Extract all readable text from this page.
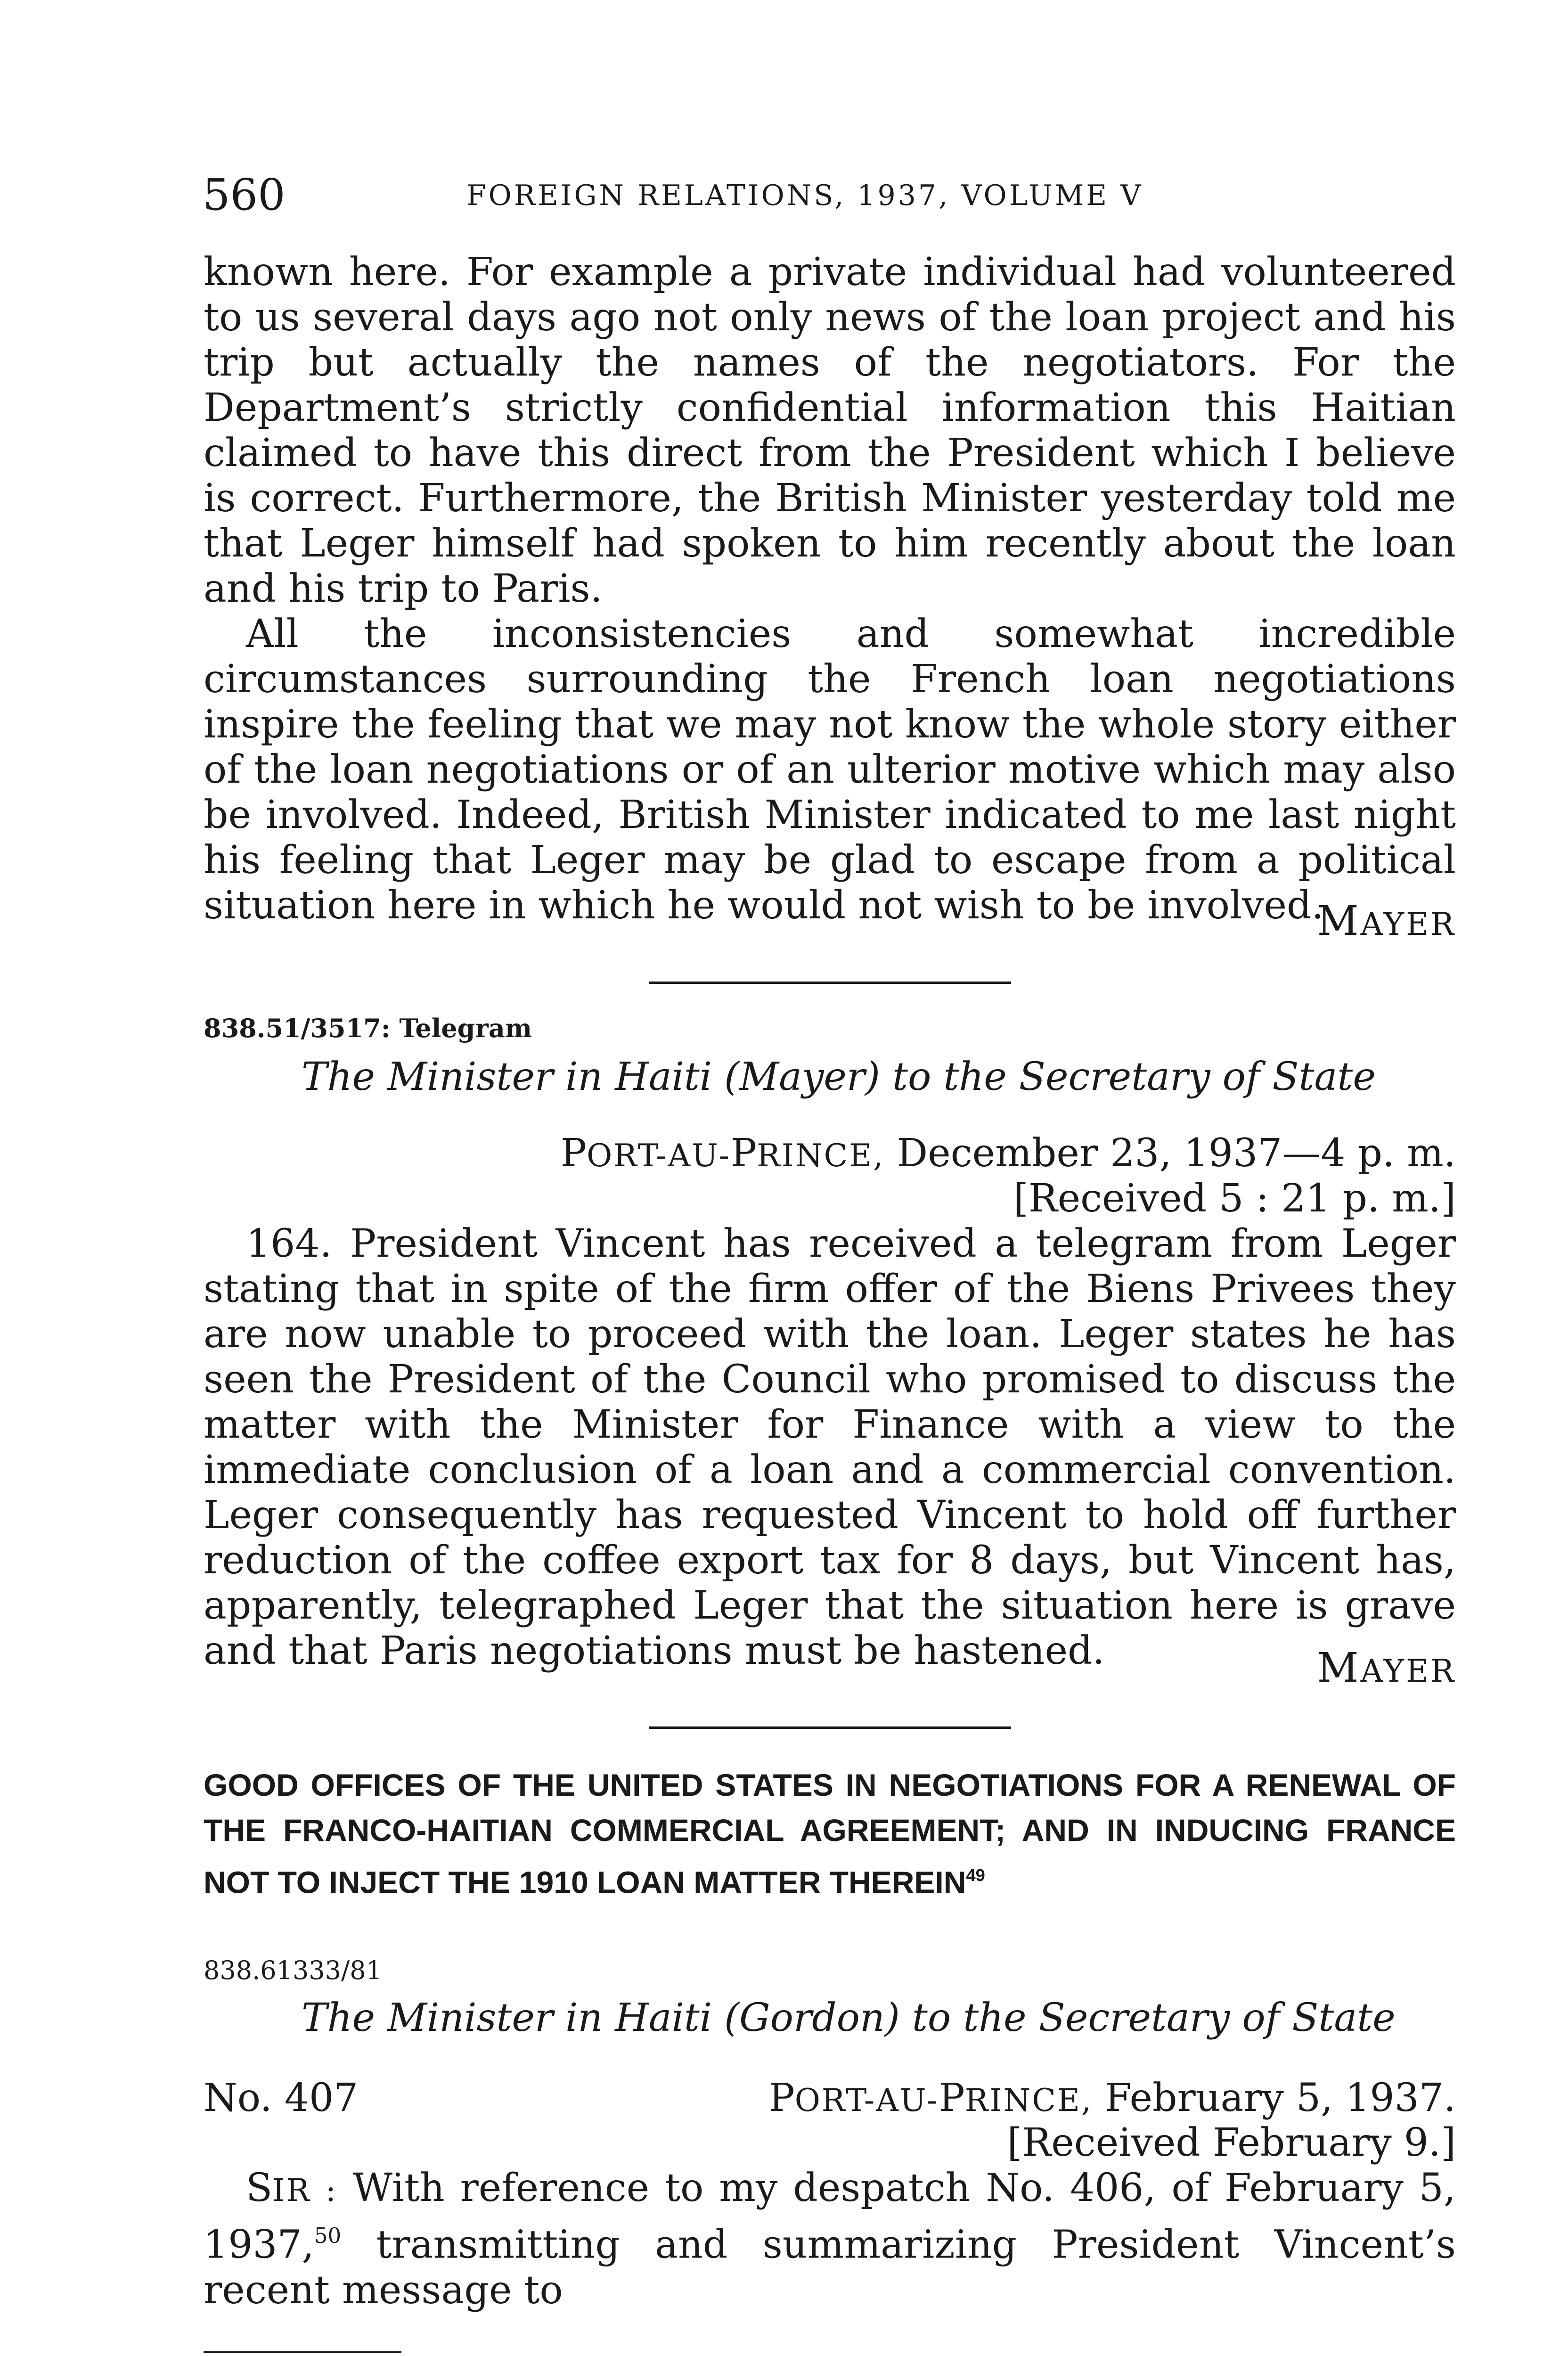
560	FOREIGN RELATIONS, 1937, VOLUME V

known here. For example a private individual had volunteered to us several days ago not only news of the loan project and his trip but actually the names of the negotiators. For the Department’s strictly confidential information this Haitian claimed to have this direct from the President which I believe is correct. Furthermore, the British Minister yesterday told me that Leger himself had spoken to him recently about the loan and his trip to Paris.

All the inconsistencies and somewhat incredible circumstances surrounding the French loan negotiations inspire the feeling that we may not know the whole story either of the loan negotiations or of an ulterior motive which may also be involved. Indeed, British Minister indicated to me last night his feeling that Leger may be glad to escape from a political situation here in which he would not wish to be involved.

MAYER
838.51/3517: Telegram
The Minister in Haiti (Mayer) to the Secretary of State
PORT-AU-PRINCE, December 23, 1937—4 p. m.
[Received 5 : 21 p. m.]

164. President Vincent has received a telegram from Leger stating that in spite of the firm offer of the Biens Privees they are now unable to proceed with the loan. Leger states he has seen the President of the Council who promised to discuss the matter with the Minister for Finance with a view to the immediate conclusion of a loan and a commercial convention. Leger consequently has requested Vincent to hold off further reduction of the coffee export tax for 8 days, but Vincent has, apparently, telegraphed Leger that the situation here is grave and that Paris negotiations must be hastened.	MAYER
GOOD OFFICES OF THE UNITED STATES IN NEGOTIATIONS FOR A RENEWAL OF THE FRANCO-HAITIAN COMMERCIAL AGREEMENT; AND IN INDUCING FRANCE NOT TO INJECT THE 1910 LOAN MATTER THEREIN$^{49}$
838.61333/81
The Minister in Haiti (Gordon) to the Secretary of State
No. 407	PORT-AU-PRINCE, February 5, 1937.
[Received February 9.]

SIR : With reference to my despatch No. 406, of February 5, 1937,50 transmitting and summarizing President Vincent’s recent message to
